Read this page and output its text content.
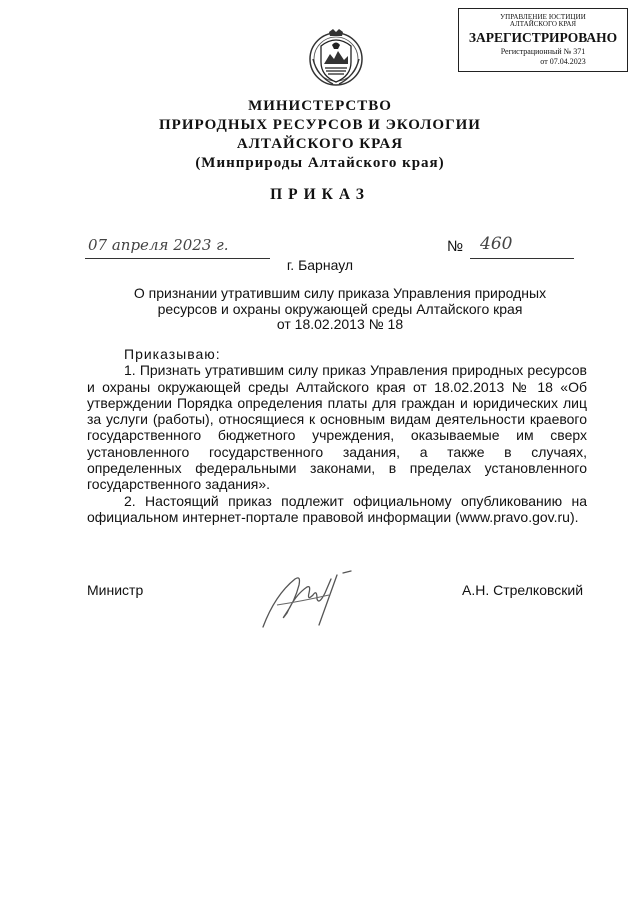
УПРАВЛЕНИЕ ЮСТИЦИИ
АЛТАЙСКОГО КРАЯ
ЗАРЕГИСТРИРОВАНО
Регистрационный № 371
от 07.04.2023
МИНИСТЕРСТВО
ПРИРОДНЫХ РЕСУРСОВ И ЭКОЛОГИИ
АЛТАЙСКОГО КРАЯ
(Минприроды Алтайского края)
ПРИКАЗ
07 апреля 2023 г.	№ 460
г. Барнаул
О признании утратившим силу приказа Управления природных
ресурсов и охраны окружающей среды Алтайского края
от 18.02.2013 № 18

Приказываю:

1. Признать утратившим силу приказ Управления природных ресурсов и охраны окружающей среды Алтайского края от 18.02.2013 № 18 «Об утверждении Порядка определения платы для граждан и юридических лиц за услуги (работы), относящиеся к основным видам деятельности краевого государственного бюджетного учреждения, оказываемые им сверх установленного государственного задания, а также в случаях, определенных федеральными законами, в пределах установленного государственного задания».

2. Настоящий приказ подлежит официальному опубликованию на официальном интернет-портале правовой информации (www.pravo.gov.ru).

Министр	А.Н. Стрелковский
